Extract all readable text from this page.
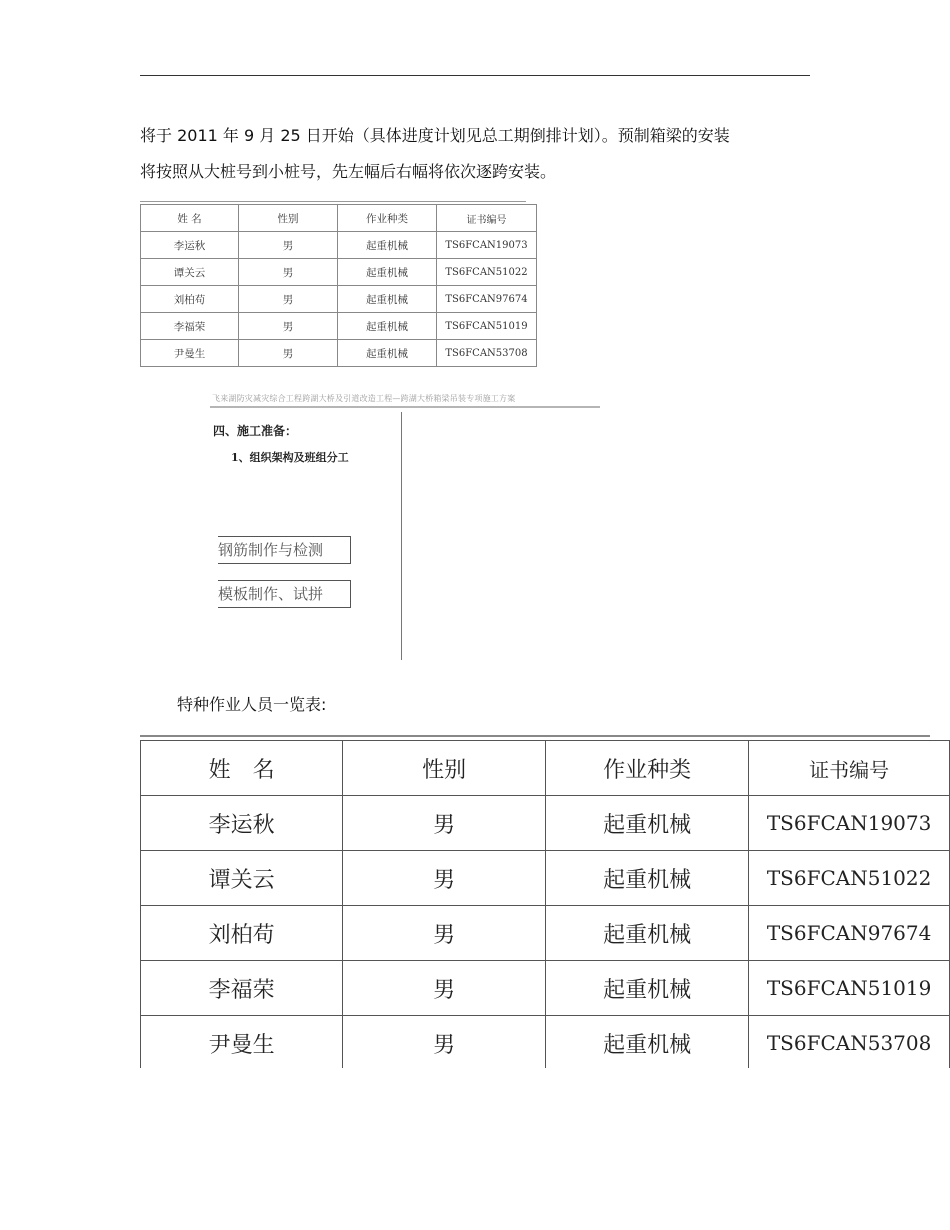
将于 2011 年 9 月 25 日开始（具体进度计划见总工期倒排计划）。预制箱梁的安装
将按照从大桩号到小桩号，先左幅后右幅将依次逐跨安装。
姓 名	性别	作业种类	证书编号
李运秋	男	起重机械	TS6FCAN19073
谭关云	男	起重机械	TS6FCAN51022
刘柏苟	男	起重机械	TS6FCAN97674
李福荣	男	起重机械	TS6FCAN51019
尹曼生	男	起重机械	TS6FCAN53708
飞来湖防灾减灾综合工程跨湖大桥及引道改造工程—跨湖大桥箱梁吊装专项施工方案
四、施工准备：
1、组织架构及班组分工
钢筋制作与检测
模板制作、试拼
特种作业人员一览表:
姓　名	性别	作业种类	证书编号
李运秋	男	起重机械	TS6FCAN19073
谭关云	男	起重机械	TS6FCAN51022
刘柏苟	男	起重机械	TS6FCAN97674
李福荣	男	起重机械	TS6FCAN51019
尹曼生	男	起重机械	TS6FCAN53708
